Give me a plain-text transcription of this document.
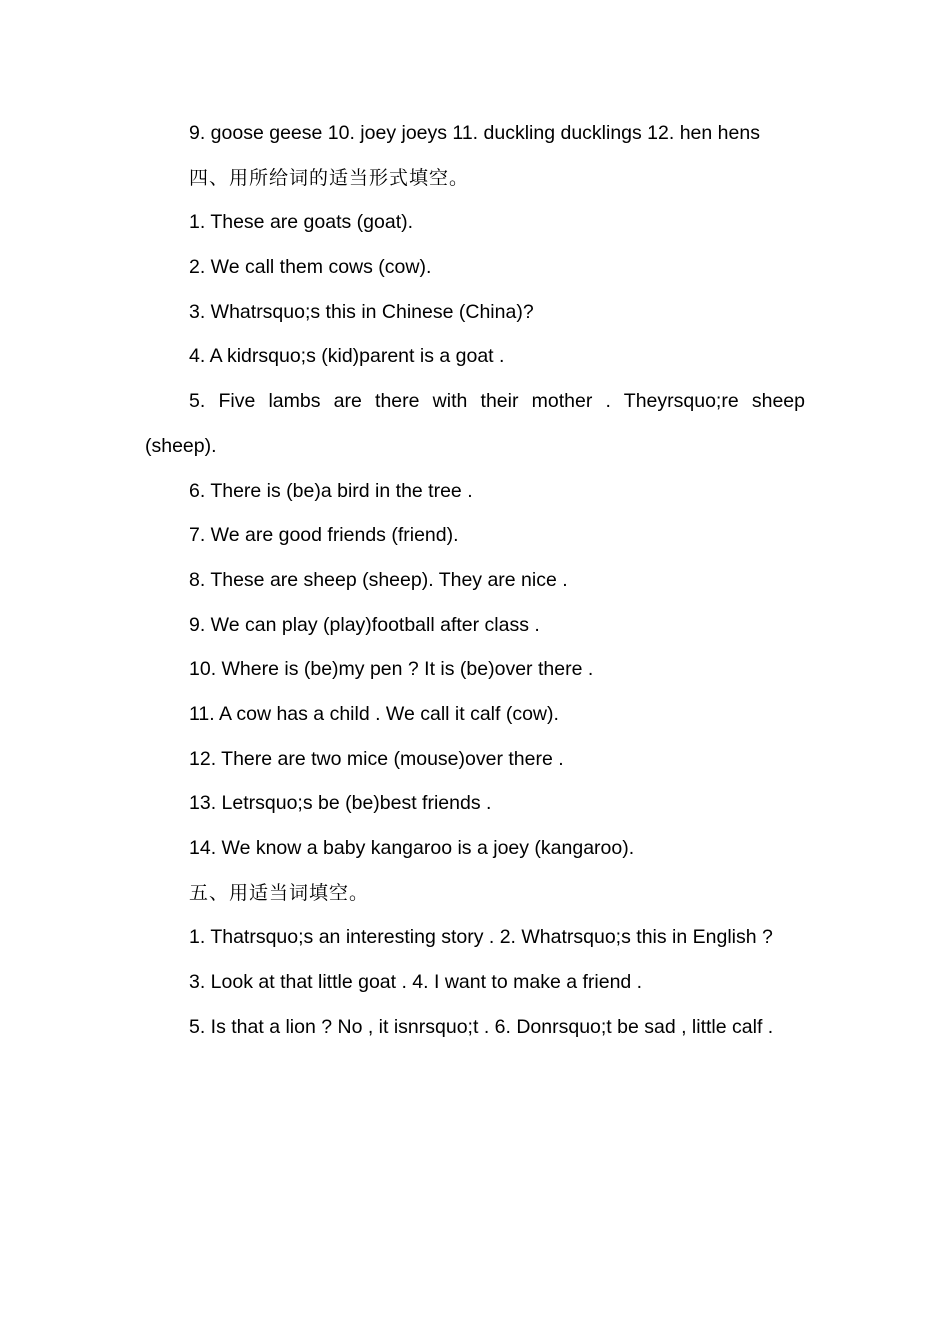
9. goose geese 10. joey joeys 11. duckling ducklings 12. hen hens
四、用所给词的适当形式填空。
1. These are goats (goat).
2. We call them cows (cow).
3. Whatrsquo;s this in Chinese (China)?
4. A kidrsquo;s (kid)parent is a goat .
5. Five lambs are there with their mother . Theyrsquo;re sheep
(sheep).
6. There is (be)a bird in the tree .
7. We are good friends (friend).
8. These are sheep (sheep). They are nice .
9. We can play (play)football after class .
10. Where is (be)my pen ? It is (be)over there .
11. A cow has a child . We call it calf (cow).
12. There are two mice (mouse)over there .
13. Letrsquo;s be (be)best friends .
14. We know a baby kangaroo is a joey (kangaroo).
五、用适当词填空。
1. Thatrsquo;s an interesting story . 2. Whatrsquo;s this in English ?
3. Look at that little goat . 4. I want to make a friend .
5. Is that a lion ? No , it isnrsquo;t . 6. Donrsquo;t be sad , little calf .
